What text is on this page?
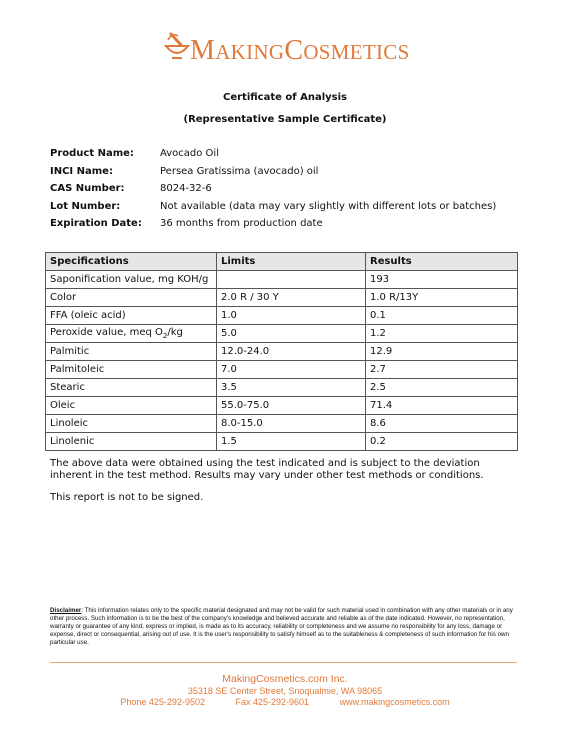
MAKINGCOSMETICS
Certificate of Analysis
(Representative Sample Certificate)
Product Name:	Avocado Oil
INCI Name:	Persea Gratissima (avocado) oil
CAS Number:	8024-32-6
Lot Number:	Not available (data may vary slightly with different lots or batches)
Expiration Date: 36 months from production date
Specifications	Limits	Results
Saponification value, mg KOH/g		193
Color	2.0 R / 30 Y	1.0 R/13Y
FFA (oleic acid)	1.0	0.1
Peroxide value, meq $O_2/kg$	5.0	1.2
Palmitic	12.0-24.0	12.9
Palmitoleic	7.0	2.7
Stearic	3.5	2.5
Oleic	55.0-75.0	71.4
Linoleic	8.0-15.0	8.6
Linolenic	1.5	0.2
The above data were obtained using the test indicated and is subject to the deviation inherent in the test method. Results may vary under other test methods or conditions.
This report is not to be signed.
Disclaimer: This information relates only to the specific material designated and may not be valid for such material used in combination with any other materials or in any other process. Such information is to be the best of the company's knowledge and believed accurate and reliable as of the date indicated. However, no representation, warranty or guarantee of any kind, express or implied, is made as to its accuracy, reliability or completeness and we assume no responsibility for any loss, damage or expense, direct or consequential, arising out of use. It is the user's responsibility to satisfy himself as to the suitableness & completeness of such information for his own particular use.
MakingCosmetics.com Inc.
35318 SE Center Street, Snoqualmie, WA 98065
Phone 425-292-9502	Fax 425-292-9601	www.makingcosmetics.com
